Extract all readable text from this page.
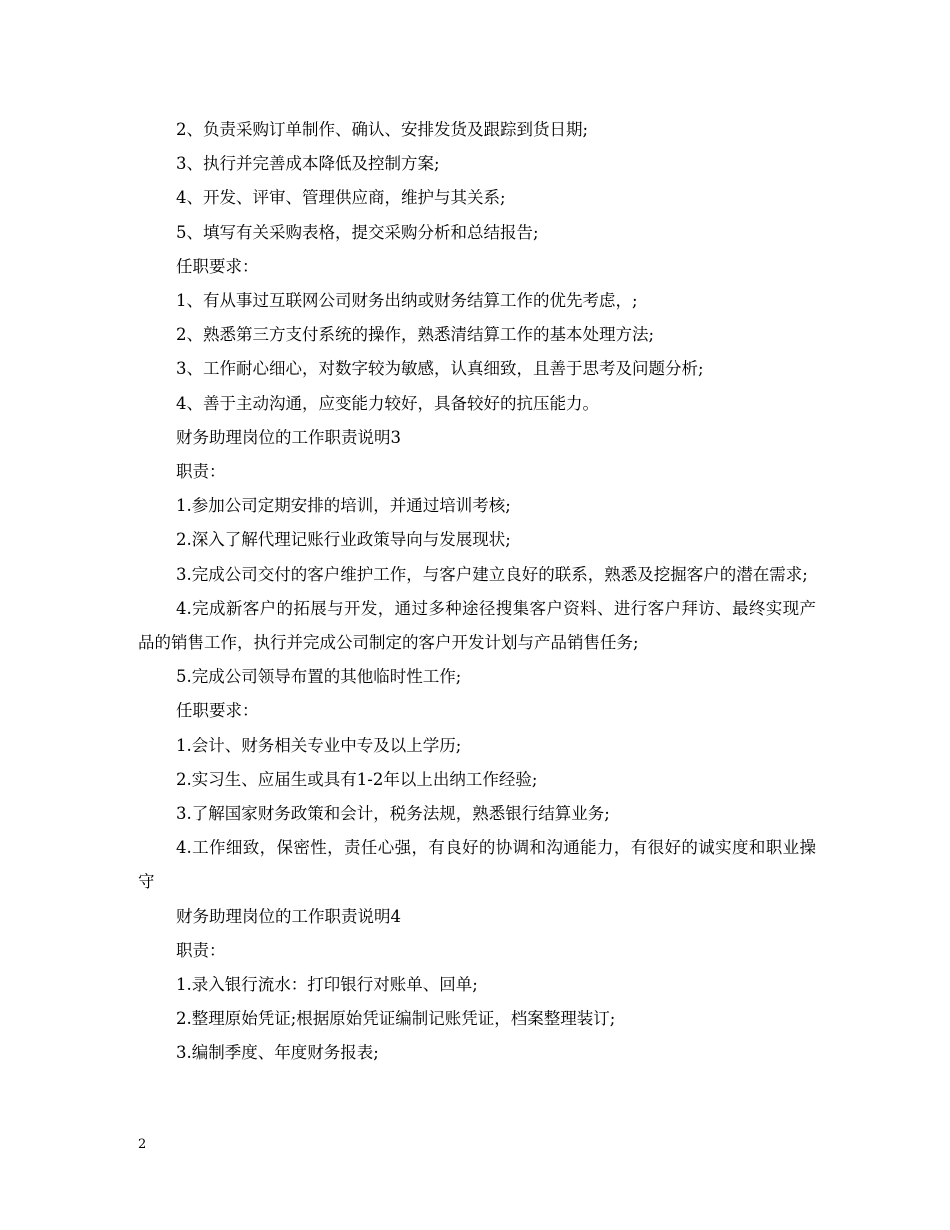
2、负责采购订单制作、确认、安排发货及跟踪到货日期;

3、执行并完善成本降低及控制方案;

4、开发、评审、管理供应商，维护与其关系;

5、填写有关采购表格，提交采购分析和总结报告;

任职要求：

1、有从事过互联网公司财务出纳或财务结算工作的优先考虑，;

2、熟悉第三方支付系统的操作，熟悉清结算工作的基本处理方法;

3、工作耐心细心，对数字较为敏感，认真细致，且善于思考及问题分析;

4、善于主动沟通，应变能力较好，具备较好的抗压能力。

财务助理岗位的工作职责说明3

职责：

1.参加公司定期安排的培训，并通过培训考核;

2.深入了解代理记账行业政策导向与发展现状;

3.完成公司交付的客户维护工作，与客户建立良好的联系，熟悉及挖掘客户的潜在需求;

4.完成新客户的拓展与开发，通过多种途径搜集客户资料、进行客户拜访、最终实现产品的销售工作，执行并完成公司制定的客户开发计划与产品销售任务;

5.完成公司领导布置的其他临时性工作;

任职要求：

1.会计、财务相关专业中专及以上学历;

2.实习生、应届生或具有1-2年以上出纳工作经验;

3.了解国家财务政策和会计，税务法规，熟悉银行结算业务;

4.工作细致，保密性，责任心强，有良好的协调和沟通能力，有很好的诚实度和职业操守

财务助理岗位的工作职责说明4

职责：

1.录入银行流水：打印银行对账单、回单;

2.整理原始凭证;根据原始凭证编制记账凭证，档案整理装订;

3.编制季度、年度财务报表;

2
